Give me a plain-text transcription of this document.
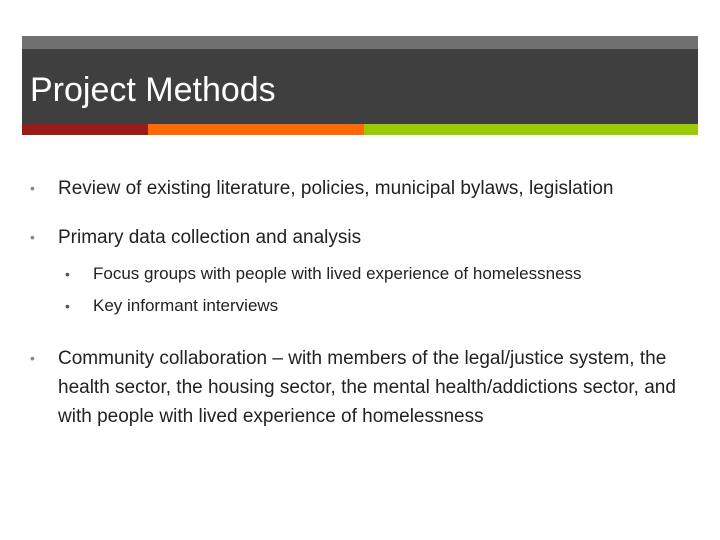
Project Methods
• Review of existing literature, policies, municipal bylaws, legislation
• Primary data collection and analysis
• Focus groups with people with lived experience of homelessness
• Key informant interviews
• Community collaboration – with members of the legal/justice system, the health sector, the housing sector, the mental health/addictions sector, and with people with lived experience of homelessness
